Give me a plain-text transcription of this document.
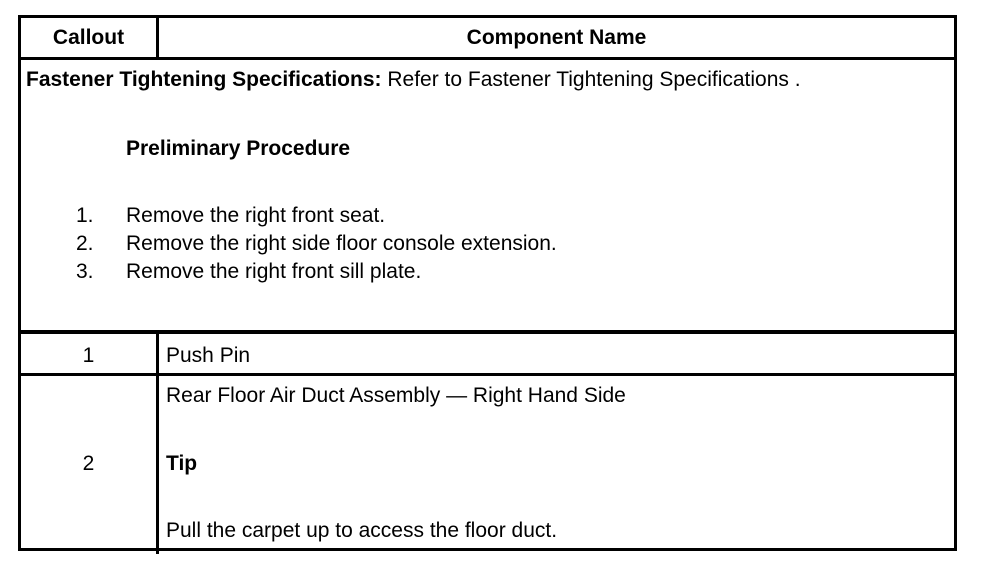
Callout	Component Name
Fastener Tightening Specifications: Refer to Fastener Tightening Specifications .
Preliminary Procedure
1. Remove the right front seat.
2. Remove the right side floor console extension.
3. Remove the right front sill plate.
1	Push Pin
2
Rear Floor Air Duct Assembly — Right Hand Side
Tip
Pull the carpet up to access the floor duct.
